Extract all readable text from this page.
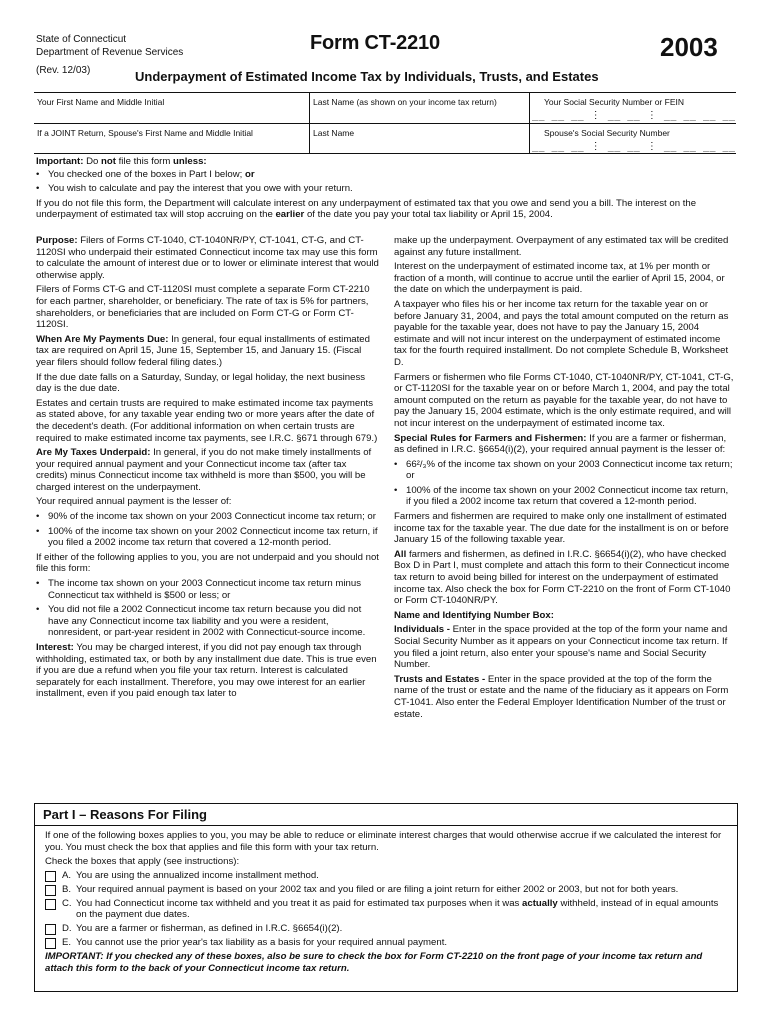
State of Connecticut
Department of Revenue Services
(Rev. 12/03)
Form CT-2210	2003
Underpayment of Estimated Income Tax by Individuals, Trusts, and Estates
Your First Name and Middle Initial	Last Name (as shown on your income tax return)	Your Social Security Number or FEIN
__ __ __ ⋮ __ __ ⋮ __ __ __ __
If a JOINT Return, Spouse's First Name and Middle Initial	Last Name	Spouse's Social Security Number
__ __ __ ⋮ __ __ ⋮ __ __ __ __

Important: Do not file this form unless:

• You checked one of the boxes in Part I below; or
• You wish to calculate and pay the interest that you owe with your return.

If you do not file this form, the Department will calculate interest on any underpayment of estimated tax that you owe and send you a bill. The interest on the underpayment of estimated tax will stop accruing on the earlier of the date you pay your total tax liability or April 15, 2004.

Purpose: Filers of Forms CT-1040, CT-1040NR/PY, CT-1041, CT-G, and CT-1120SI who underpaid their estimated Connecticut income tax may use this form to calculate the amount of interest due or to lower or eliminate interest that would otherwise apply.

Filers of Forms CT-G and CT-1120SI must complete a separate Form CT-2210 for each partner, shareholder, or beneficiary. The rate of tax is 5% for partners, shareholders, or beneficiaries that are included on Form CT-G or Form CT-1120SI.

When Are My Payments Due: In general, four equal installments of estimated tax are required on April 15, June 15, September 15, and January 15. (Fiscal year filers should follow federal filing dates.)

If the due date falls on a Saturday, Sunday, or legal holiday, the next business day is the due date.

Estates and certain trusts are required to make estimated income tax payments as stated above, for any taxable year ending two or more years after the date of the decedent's death. (For additional information on when certain trusts are required to make estimated income tax payments, see I.R.C. §671 through 679.)

Are My Taxes Underpaid: In general, if you do not make timely installments of your required annual payment and your Connecticut income tax (after tax credits) minus Connecticut income tax withheld is more than $500, you will be charged interest on the underpayment.

Your required annual payment is the lesser of:

• 90% of the income tax shown on your 2003 Connecticut income tax return; or
• 100% of the income tax shown on your 2002 Connecticut income tax return, if you filed a 2002 income tax return that covered a 12-month period.

If either of the following applies to you, you are not underpaid and you should not file this form:

• The income tax shown on your 2003 Connecticut income tax return minus Connecticut tax withheld is $500 or less; or
• You did not file a 2002 Connecticut income tax return because you did not have any Connecticut income tax liability and you were a resident, nonresident, or part-year resident in 2002 with Connecticut-source income.

Interest: You may be charged interest, if you did not pay enough tax through withholding, estimated tax, or both by any installment due date. This is true even if you are due a refund when you file your tax return. Interest is calculated separately for each installment. Therefore, you may owe interest for an earlier installment, even if you paid enough tax later to

make up the underpayment. Overpayment of any estimated tax will be credited against any future installment.

Interest on the underpayment of estimated income tax, at 1% per month or fraction of a month, will continue to accrue until the earlier of April 15, 2004, or the date on which the underpayment is paid.

A taxpayer who files his or her income tax return for the taxable year on or before January 31, 2004, and pays the total amount computed on the return as payable for the taxable year, does not have to pay the January 15, 2004 estimate and will not incur interest on the underpayment of estimated income tax for the fourth required installment. Do not complete Schedule B, Worksheet D.

Farmers or fishermen who file Forms CT-1040, CT-1040NR/PY, CT-1041, CT-G, or CT-1120SI for the taxable year on or before March 1, 2004, and pay the total amount computed on the return as payable for the taxable year, do not have to pay the January 15, 2004 estimate, which is the only estimate required, and will not incur interest on the underpayment of estimated income tax.

Special Rules for Farmers and Fishermen: If you are a farmer or fisherman, as defined in I.R.C. §6654(i)(2), your required annual payment is the lesser of:

• 66²/₃% of the income tax shown on your 2003 Connecticut income tax return; or
• 100% of the income tax shown on your 2002 Connecticut income tax return, if you filed a 2002 income tax return that covered a 12-month period.

Farmers and fishermen are required to make only one installment of estimated income tax for the taxable year. The due date for the installment is on or before January 15 of the following taxable year.

All farmers and fishermen, as defined in I.R.C. §6654(i)(2), who have checked Box D in Part I, must complete and attach this form to their Connecticut income tax return to avoid being billed for interest on the underpayment of estimated income tax. Also check the box for Form CT-2210 on the front of Form CT-1040 or Form CT-1040NR/PY.

Name and Identifying Number Box:

Individuals - Enter in the space provided at the top of the form your name and Social Security Number as it appears on your Connecticut income tax return. If you filed a joint return, also enter your spouse's name and Social Security Number.

Trusts and Estates - Enter in the space provided at the top of the form the name of the trust or estate and the name of the fiduciary as it appears on Form CT-1041. Also enter the Federal Employer Identification Number of the trust or estate.

Part I – Reasons For Filing

If one of the following boxes applies to you, you may be able to reduce or eliminate interest charges that would otherwise accrue if we calculated the interest for you. You must check the box that applies and file this form with your tax return.

Check the boxes that apply (see instructions):

A. You are using the annualized income installment method.
B. Your required annual payment is based on your 2002 tax and you filed or are filing a joint return for either 2002 or 2003, but not for both years.
C. You had Connecticut income tax withheld and you treat it as paid for estimated tax purposes when it was actually withheld, instead of in equal amounts on the payment due dates.
D. You are a farmer or fisherman, as defined in I.R.C. §6654(i)(2).
E. You cannot use the prior year's tax liability as a basis for your required annual payment.

IMPORTANT: If you checked any of these boxes, also be sure to check the box for Form CT-2210 on the front page of your income tax return and attach this form to the back of your Connecticut income tax return.
